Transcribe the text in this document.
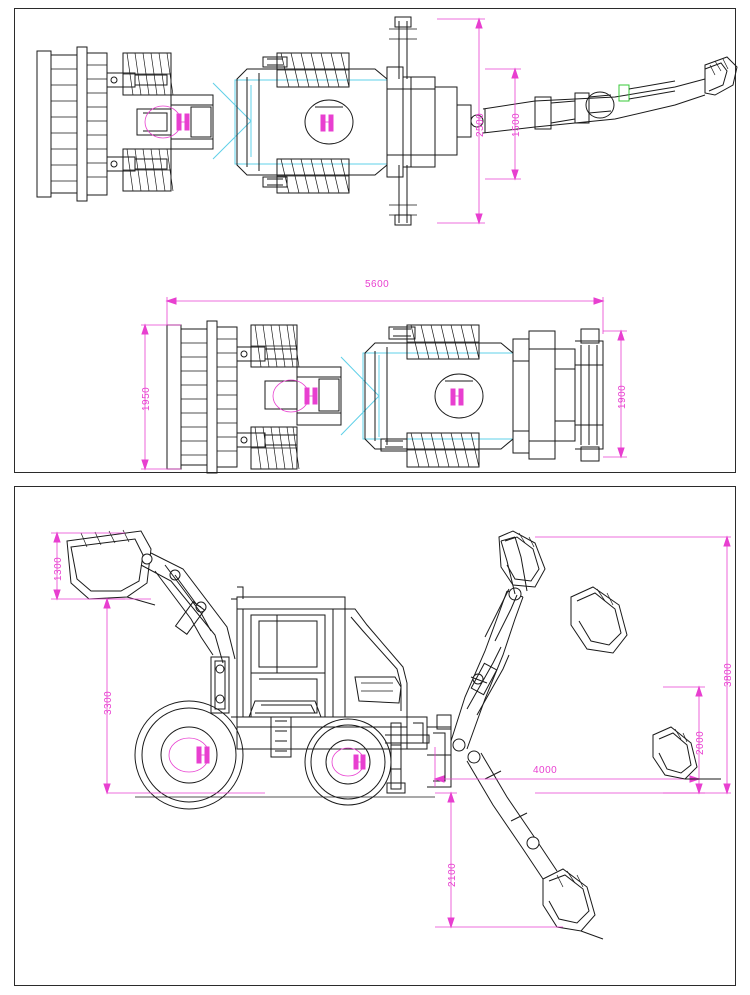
2500	1500
5600
1950	1900
1300
3300
3800
2000
4000
2100
